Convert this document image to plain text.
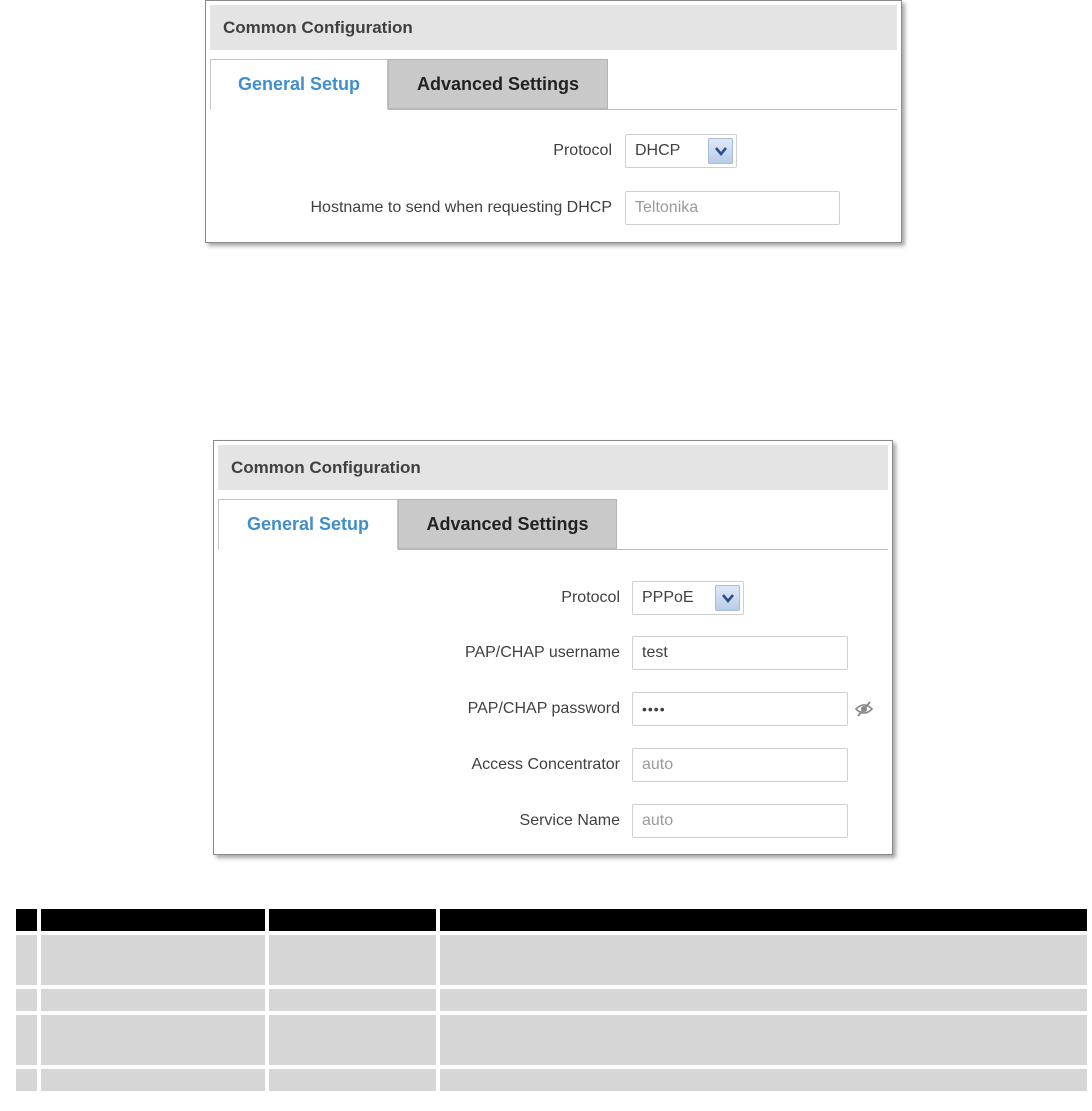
Common Configuration
General Setup	Advanced Settings
Protocol	DHCP
Hostname to send when requesting DHCP	Teltonika
Common Configuration
General Setup	Advanced Settings
Protocol	PPPoE
PAP/CHAP username	test
PAP/CHAP password	••••
Access Concentrator	auto
Service Name	auto
